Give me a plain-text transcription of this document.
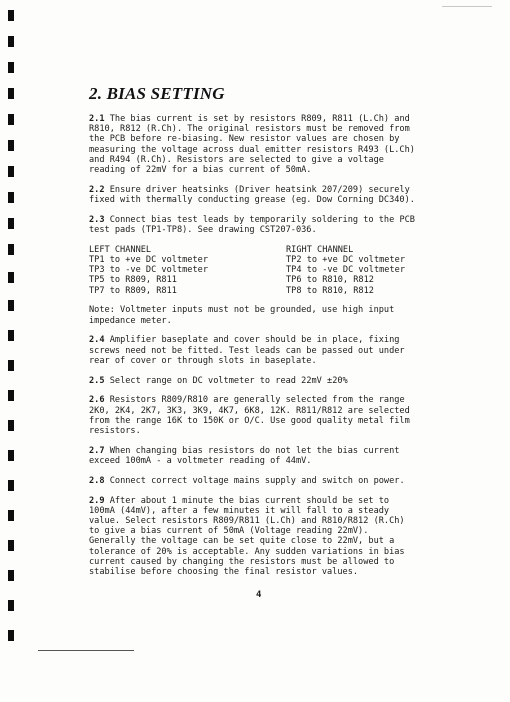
2. BIAS SETTING

2.1 The bias current is set by resistors R809, R811 (L.Ch) and
R810, R812 (R.Ch). The original resistors must be removed from
the PCB before re-biasing. New resistor values are chosen by
measuring the voltage across dual emitter resistors R493 (L.Ch)
and R494 (R.Ch). Resistors are selected to give a voltage
reading of 22mV for a bias current of 50mA.

2.2 Ensure driver heatsinks (Driver heatsink 207/209) securely
fixed with thermally conducting grease (eg. Dow Corning DC340).

2.3 Connect bias test leads by temporarily soldering to the PCB
test pads (TP1-TP8). See drawing CST207-036.

LEFT CHANNEL
TP1 to +ve DC voltmeter
TP3 to -ve DC voltmeter
TP5 to R809, R811
TP7 to R809, R811
RIGHT CHANNEL
TP2 to +ve DC voltmeter
TP4 to -ve DC voltmeter
TP6 to R810, R812
TP8 to R810, R812

Note: Voltmeter inputs must not be grounded, use high input
impedance meter.

2.4 Amplifier baseplate and cover should be in place, fixing
screws need not be fitted. Test leads can be passed out under
rear of cover or through slots in baseplate.

2.5 Select range on DC voltmeter to read 22mV ±20%

2.6 Resistors R809/R810 are generally selected from the range
2K0, 2K4, 2K7, 3K3, 3K9, 4K7, 6K8, 12K. R811/R812 are selected
from the range 16K to 150K or O/C. Use good quality metal film
resistors.

2.7 When changing bias resistors do not let the bias current
exceed 100mA - a voltmeter reading of 44mV.

2.8 Connect correct voltage mains supply and switch on power.

2.9 After about 1 minute the bias current should be set to
100mA (44mV), after a few minutes it will fall to a steady
value. Select resistors R809/R811 (L.Ch) and R810/R812 (R.Ch)
to give a bias current of 50mA (Voltage reading 22mV).
Generally the voltage can be set quite close to 22mV, but a
tolerance of 20% is acceptable. Any sudden variations in bias
current caused by changing the resistors must be allowed to
stabilise before choosing the final resistor values.

4
